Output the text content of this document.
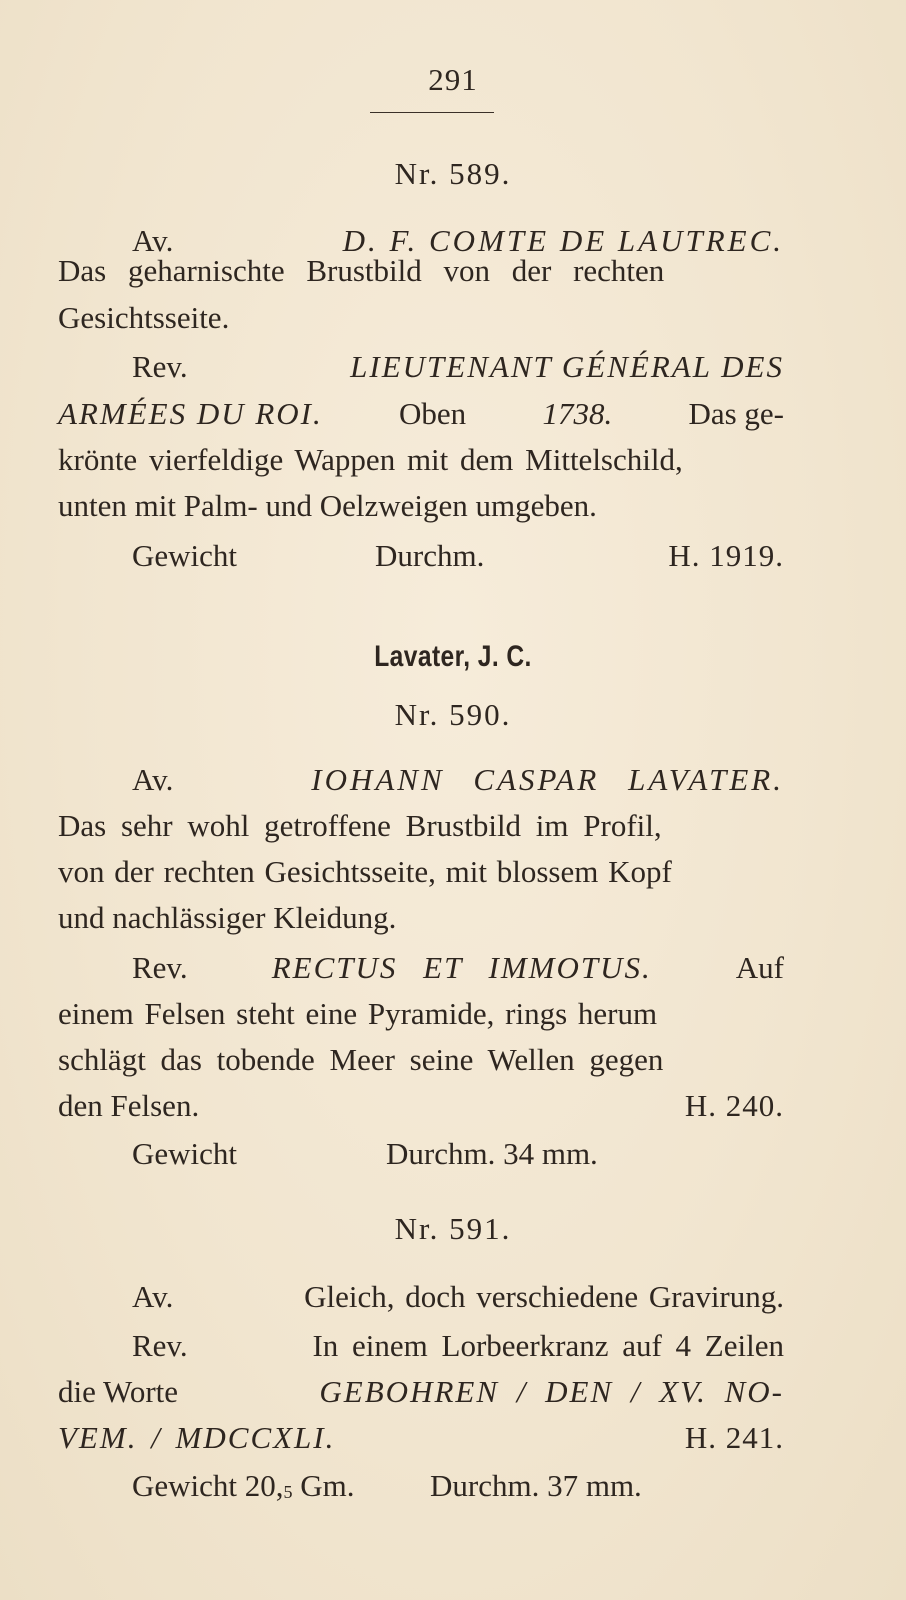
291
Nr. 589.
Av.	D. F. COMTE DE LAUTREC.
Das geharnischte Brustbild von der rechten
Gesichtsseite.
Rev.	LIEUTENANT GÉNÉRAL DES
ARMÉES DU ROI. Oben 1738. Das ge-
krönte vierfeldige Wappen mit dem Mittelschild,
unten mit Palm- und Oelzweigen umgeben.
Gewicht	Durchm.	H. 1919.
Lavater, J. C.
Nr. 590.
Av.	IOHANN CASPAR LAVATER.
Das sehr wohl getroffene Brustbild im Profil,
von der rechten Gesichtsseite, mit blossem Kopf
und nachlässiger Kleidung.
Rev.	RECTUS ET IMMOTUS.	Auf
einem Felsen steht eine Pyramide, rings herum
schlägt das tobende Meer seine Wellen gegen
den Felsen.	H. 240.
Gewicht	Durchm. 34 mm.
Nr. 591.
Av.	Gleich, doch verschiedene Gravirung.
Rev.	In einem Lorbeerkranz auf 4 Zeilen
die Worte	GEBOHREN / DEN / XV. NO-
VEM. / MDCCXLI.	H. 241.
Gewicht $20,_5$ Gm. Durchm. 37 mm.
